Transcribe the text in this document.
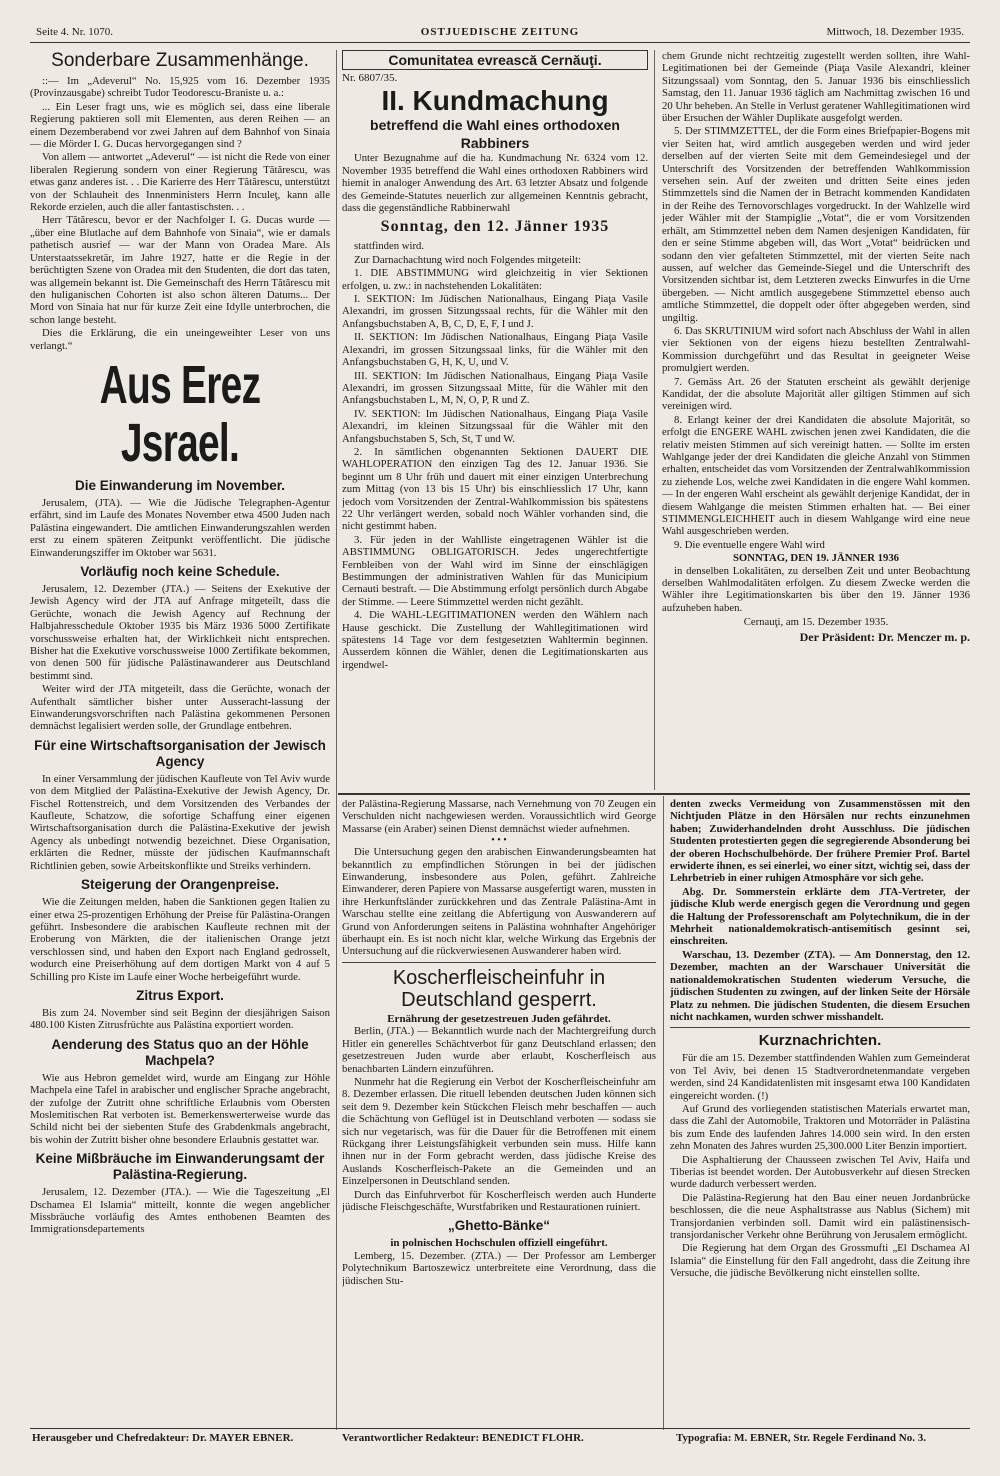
Seite 4. Nr. 1070.	OSTJUEDISCHE ZEITUNG	Mittwoch, 18. Dezember 1935.
Sonderbare Zusammenhänge.

::— Im „Adeverul“ No. 15,925 vom 16. Dezember 1935 (Provinzausgabe) schreibt Tudor Teodorescu-Braniste u. a.:

... Ein Leser fragt uns, wie es möglich sei, dass eine liberale Regierung paktieren soll mit Elementen, aus deren Reihen — an einem Dezemberabend vor zwei Jahren auf dem Bahnhof von Sinaia — die Mörder I. G. Ducas hervorgegangen sind ?

Von allem — antwortet „Adeverul“ — ist nicht die Rede von einer liberalen Regierung sondern von einer Regierung Tătărescu, was etwas ganz anderes ist. . . Die Karierre des Herr Tătărescu, unterstützt von der Schlauheit des Innenministers Herrn Inculeţ, kann alle Rekorde erzielen, auch die aller fantastischsten. . .

Herr Tătărescu, bevor er der Nachfolger I. G. Ducas wurde — „über eine Blutlache auf dem Bahnhofe von Sinaia“, wie er damals pathetisch ausrief — war der Mann von Oradea Mare. Als Unterstaatssekretär, im Jahre 1927, hatte er die Regie in der berüchtigten Szene von Oradea mit den Studenten, die dort das taten, was allgemein bekannt ist. Die Gemeinschaft des Herrn Tătărescu mit den huliganischen Cohorten ist also schon älteren Datums... Der Mord von Sinaia hat nur für kurze Zeit eine Idylle unterbrochen, die schon lange besteht.

Dies die Erklärung, die ein uneingeweihter Leser von uns verlangt.“

Aus Erez Jsrael.
Die Einwanderung im November.

Jerusalem, (JTA). — Wie die Jüdische Telegraphen-Agentur erfährt, sind im Laufe des Monates November etwa 4500 Juden nach Palästina eingewandert. Die amtlichen Einwanderungszahlen werden erst zu einem späteren Zeitpunkt veröffentlicht. Die jüdische Einwanderungsziffer im Oktober war 5631.

Vorläufig noch keine Schedule.

Jerusalem, 12. Dezember (JTA.) — Seitens der Exekutive der Jewish Agency wird der JTA auf Anfrage mitgeteilt, dass die Gerüchte, wonach die Jewish Agency auf Rechnung der Halbjahresschedule Oktober 1935 bis März 1936 5000 Zertifikate vorschussweise erhalten hat, der Wirklichkeit nicht entsprechen. Bisher hat die Exekutive vorschussweise 1000 Zertifikate bekommen, von denen 500 für jüdische Palästinawanderer aus Deutschland bestimmt sind.

Weiter wird der JTA mitgeteilt, dass die Gerüchte, wonach der Aufenthalt sämtlicher bisher unter Ausseracht-lassung der Einwanderungsvorschriften nach Palästina gekommenen Personen demnächst legalisiert werden solle, der Grundlage entbehren.

Für eine Wirtschaftsorganisation der Jewisch Agency

In einer Versammlung der jüdischen Kaufleute von Tel Aviv wurde von dem Mitglied der Palästina-Exekutive der Jewish Agency, Dr. Fischel Rottenstreich, und dem Vorsitzenden des Verbandes der Kaufleute, Schatzow, die sofortige Schaffung einer eigenen Wirtschaftsorganisation durch die Palästina-Exekutive der jewish Agency als unbedingt notwendig bezeichnet. Diese Organisation, erklärten die Redner, müsste der jüdischen Kaufmannschaft Richtlinien geben, sowie Arbeitskonflikte und Streiks verhindern.

Steigerung der Orangenpreise.

Wie die Zeitungen melden, haben die Sanktionen gegen Italien zu einer etwa 25-prozentigen Erhöhung der Preise für Palästina-Orangen geführt. Insbesondere die arabischen Kaufleute rechnen mit der Eroberung von Märkten, die der italienischen Orange jetzt verschlossen sind, und haben den Export nach England gedrosselt, wodurch eine Preiserhöhung auf dem dortigen Markt von 4 auf 5 Schilling pro Kiste im Laufe einer Woche herbeigeführt wurde.

Zitrus Export.

Bis zum 24. November sind seit Beginn der diesjährigen Saison 480.100 Kisten Zitrusfrüchte aus Palästina exportiert worden.

Aenderung des Status quo an der Höhle Machpela?

Wie aus Hebron gemeldet wird, wurde am Eingang zur Höhle Machpela eine Tafel in arabischer und englischer Sprache angebracht, der zufolge der Zutritt ohne schriftliche Erlaubnis vom Obersten Moslemitischen Rat verboten ist. Bemerkenswerterweise wurde das Schild nicht bei der siebenten Stufe des Grabdenkmals angebracht, bis wohin der Zutritt bisher ohne besondere Erlaubnis gestattet war.

Keine Mißbräuche im Einwanderungsamt der Palästina-Regierung.

Jerusalem, 12. Dezember (JTA.). — Wie die Tageszeitung „El Dschamea El Islamia“ mitteilt, konnte die wegen angeblicher Missbräuche vorläufig des Amtes enthobenen Beamten des Immigrationsdepartements

Comunitatea evrească Cernăuţi.
Nr. 6807/35.
II. Kundmachung
betreffend die Wahl eines orthodoxen Rabbiners

Unter Bezugnahme auf die ha. Kundmachung Nr. 6324 vom 12. November 1935 betreffend die Wahl eines orthodoxen Rabbiners wird hiemit in analoger Anwendung des Art. 63 letzter Absatz und folgende des Gemeinde-Statutes neuerlich zur allgemeinen Kenntnis gebracht, dass die gegenständliche Rabbinerwahl

Sonntag, den 12. Jänner 1935

stattfinden wird.

Zur Darnachachtung wird noch Folgendes mitgeteilt:

1. DIE ABSTIMMUNG wird gleichzeitig in vier Sektionen erfolgen, u. zw.: in nachstehenden Lokalitäten:

I. SEKTION: Im Jüdischen Nationalhaus, Eingang Piaţa Vasile Alexandri, im grossen Sitzungssaal rechts, für die Wähler mit den Anfangsbuchstaben A, B, C, D, E, F, I und J.

II. SEKTION: Im Jüdischen Nationalhaus, Eingang Piaţa Vasile Alexandri, im grossen Sitzungssaal links, für die Wähler mit den Anfangsbuchstaben G, H, K, U, und V.

III. SEKTION: Im Jüdischen Nationalhaus, Eingang Piaţa Vasile Alexandri, im grossen Sitzungssaal Mitte, für die Wähler mit den Anfangsbuchstaben L, M, N, O, P, R und Z.

IV. SEKTION: Im Jüdischen Nationalhaus, Eingang Piaţa Vasile Alexandri, im kleinen Sitzungssaal für die Wähler mit den Anfangsbuchstaben S, Sch, St, T und W.

2. In sämtlichen obgenannten Sektionen DAUERT DIE WAHLOPERATION den einzigen Tag des 12. Januar 1936. Sie beginnt um 8 Uhr früh und dauert mit einer einzigen Unterbrechung zum Mittag (von 13 bis 15 Uhr) bis einschliesslich 17 Uhr, kann jedoch vom Vorsitzenden der Zentral-Wahlkommission bis spätestens 22 Uhr verlängert werden, sobald noch Wähler vorhanden sind, die nicht gestimmt haben.

3. Für jeden in der Wahlliste eingetragenen Wähler ist die ABSTIMMUNG OBLIGATORISCH. Jedes ungerechtfertigte Fernbleiben von der Wahl wird im Sinne der einschlägigen Bestimmungen der administrativen Wahlen für das Municipium Cernauti bestraft. — Die Abstimmung erfolgt persönlich durch Abgabe der Stimme. — Leere Stimmzettel werden nicht gezählt.

4. Die WAHL-LEGITIMATIONEN werden den Wählern nach Hause geschickt. Die Zustellung der Wahllegitimationen wird spätestens 14 Tage vor dem festgesetzten Wahltermin beginnen. Ausserdem können die Wähler, denen die Legitimationskarten aus irgendwel-

chem Grunde nicht rechtzeitig zugestellt werden sollten, ihre Wahl-Legitimationen bei der Gemeinde (Piaţa Vasile Alexandri, kleiner Sitzungssaal) vom Sonntag, den 5. Januar 1936 bis einschliesslich Samstag, den 11. Januar 1936 täglich am Nachmittag zwischen 16 und 20 Uhr beheben. An Stelle in Verlust geratener Wahllegitimationen wird über Ersuchen der Wähler Duplikate ausgefolgt werden.

5. Der STIMMZETTEL, der die Form eines Briefpapier-Bogens mit vier Seiten hat, wird amtlich ausgegeben werden und wird jeder derselben auf der vierten Seite mit dem Gemeindesiegel und der Unterschrift des Vorsitzenden der betreffenden Wahlkommission versehen sein. Auf der zweiten und dritten Seite eines jeden Stimmzettels sind die Namen der in Betracht kommenden Kandidaten in der Reihe des Ternovorschlages vorgedruckt. In der Wahlzelle wird jeder Wähler mit der Stampiglie „Votat“, die er vom Vorsitzenden erhält, am Stimmzettel neben dem Namen desjenigen Kandidaten, für den er seine Stimme abgeben will, das Wort „Votat“ beidrücken und sodann den vier gefalteten Stimmzettel, mit der vierten Seite nach aussen, auf welcher das Gemeinde-Siegel und die Unterschrift des Vorsitzenden sichtbar ist, dem Letzteren zwecks Einwurfes in die Urne übergeben. — Nicht amtlich ausgegebene Stimmzettel ebenso auch amtliche Stimmzettel, die doppelt oder öfter abgegeben werden, sind ungiltig.

6. Das SKRUTINIUM wird sofort nach Abschluss der Wahl in allen vier Sektionen von der eigens hiezu bestellten Zentralwahl-Kommission durchgeführt und das Resultat in geeigneter Weise promulgiert werden.

7. Gemäss Art. 26 der Statuten erscheint als gewählt derjenige Kandidat, der die absolute Majorität aller giltigen Stimmen auf sich vereinigen wird.

8. Erlangt keiner der drei Kandidaten die absolute Majorität, so erfolgt die ENGERE WAHL zwischen jenen zwei Kandidaten, die die relativ meisten Stimmen auf sich vereinigt hatten. — Sollte im ersten Wahlgange jeder der drei Kandidaten die gleiche Anzahl von Stimmen erhalten, entscheidet das vom Vorsitzenden der Zentralwahlkommission zu ziehende Los, welche zwei Kandidaten in die engere Wahl kommen. — In der engeren Wahl erscheint als gewählt derjenige Kandidat, der in diesem Wahlgange die meisten Stimmen erhalten hat. — Bei einer STIMMENGLEICHHEIT auch in diesem Wahlgange wird eine neue Wahl ausgeschrieben werden.

9. Die eventuelle engere Wahl wird

SONNTAG, DEN 19. JÄNNER 1936

in denselben Lokalitäten, zu derselben Zeit und unter Beobachtung derselben Wahlmodalitäten erfolgen. Zu diesem Zwecke werden die Wähler ihre Legitimationskarten bis über den 19. Jänner 1936 aufzuheben haben.

Cernauţi, am 15. Dezember 1935.
Der Präsident: Dr. Menczer m. p.

der Palästina-Regierung Massarse, nach Vernehmung von 70 Zeugen ein Verschulden nicht nachgewiesen werden. Voraussichtlich wird George Massarse (ein Araber) seinen Dienst demnächst wieder aufnehmen.

• • •

Die Untersuchung gegen den arabischen Einwanderungsbeamten hat bekanntlich zu empfindlichen Störungen in bei der jüdischen Einwanderung, insbesondere aus Polen, geführt. Zahlreiche Einwanderer, deren Papiere von Massarse ausgefertigt waren, mussten in ihre Herkunftsländer zurückkehren und das Zentrale Palästina-Amt in Warschau stellte eine zeitlang die Abfertigung von Auswanderern auf Grund von Anforderungen seitens in Palästina wohnhafter Angehöriger überhaupt ein. Es ist noch nicht klar, welche Wirkung das Ergebnis der Untersuchung auf die rückverwiesenen Auswanderer haben wird.

Koscherfleischeinfuhr in Deutschland gesperrt.
Ernährung der gesetzestreuen Juden gefährdet.

Berlin, (JTA.) — Bekanntlich wurde nach der Machtergreifung durch Hitler ein generelles Schächtverbot für ganz Deutschland erlassen; den gesetzestreuen Juden wurde aber erlaubt, Koscherfleisch aus benachbarten Ländern einzuführen.

Nunmehr hat die Regierung ein Verbot der Koscherfleischeinfuhr am 8. Dezember erlassen. Die rituell lebenden deutschen Juden können sich seit dem 9. Dezember kein Stückchen Fleisch mehr beschaffen — auch die Schächtung von Geflügel ist in Deutschland verboten — sodass sie sich nur vegetarisch, was für die Dauer für die Betroffenen mit einem Rückgang ihrer Leistungsfähigkeit verbunden sein muss. Hilfe kann ihnen nur in der Form gebracht werden, dass jüdische Kreise des Auslands Koscherfleisch-Pakete an die Gemeinden und an Einzelpersonen in Deutschland senden.

Durch das Einfuhrverbot für Koscherfleisch werden auch Hunderte jüdische Fleischgeschäfte, Wurstfabriken und Restaurationen ruiniert.

„Ghetto-Bänke“
in polnischen Hochschulen offiziell eingeführt.

Lemberg, 15. Dezember. (ZTA.) — Der Professor am Lemberger Polytechnikum Bartoszewicz unterbreitete eine Verordnung, dass die jüdischen Stu-

denten zwecks Vermeidung von Zusammenstössen mit den Nichtjuden Plätze in den Hörsälen nur rechts einzunehmen haben; Zuwiderhandelnden droht Ausschluss. Die jüdischen Studenten protestierten gegen die segregierende Absonderung bei der oberen Hochschulbehörde. Der frühere Premier Prof. Bartel erwiderte ihnen, es sei einerlei, wo einer sitzt, wichtig sei, dass der Lehrbetrieb in einer ruhigen Atmosphäre vor sich gehe.

Abg. Dr. Sommerstein erklärte dem JTA-Vertreter, der jüdische Klub werde energisch gegen die Verordnung und gegen die Haltung der Professorenschaft am Polytechnikum, die in der Mehrheit nationaldemokratisch-antisemitisch gesinnt sei, einschreiten.

Warschau, 13. Dezember (ZTA). — Am Donnerstag, den 12. Dezember, machten an der Warschauer Universität die nationaldemokratischen Studenten wiederum Versuche, die jüdischen Studenten zu zwingen, auf der linken Seite der Hörsäle Platz zu nehmen. Die jüdischen Studenten, die diesem Ersuchen nicht nachkamen, wurden schwer misshandelt.

Kurznachrichten.

Für die am 15. Dezember stattfindenden Wahlen zum Gemeinderat von Tel Aviv, bei denen 15 Stadtverordnetenmandate vergeben werden, sind 24 Kandidatenlisten mit insgesamt etwa 100 Kandidaten eingereicht worden. (!)

Auf Grund des vorliegenden statistischen Materials erwartet man, dass die Zahl der Automobile, Traktoren und Motorräder in Palästina bis zum Ende des laufenden Jahres 14.000 sein wird. In den ersten zehn Monaten des Jahres wurden 25,300.000 Liter Benzin importiert.

Die Asphaltierung der Chausseen zwischen Tel Aviv, Haifa und Tiberias ist beendet worden. Der Autobusverkehr auf diesen Strecken wurde dadurch verbessert werden.

Die Palästina-Regierung hat den Bau einer neuen Jordanbrücke beschlossen, die die neue Asphaltstrasse aus Nablus (Sichem) mit Transjordanien verbinden soll. Damit wird ein palästinensisch-transjordanischer Verkehr ohne Berührung von Jerusalem ermöglicht.

Die Regierung hat dem Organ des Grossmufti „El Dschamea Al Islamia“ die Einstellung für den Fall angedroht, dass die Zeitung ihre Versuche, die jüdische Bevölkerung nicht einstellen sollte.

Herausgeber und Chefredakteur: Dr. MAYER EBNER.	Verantwortlicher Redakteur: BENEDICT FLOHR.	Typografia: M. EBNER, Str. Regele Ferdinand No. 3.
